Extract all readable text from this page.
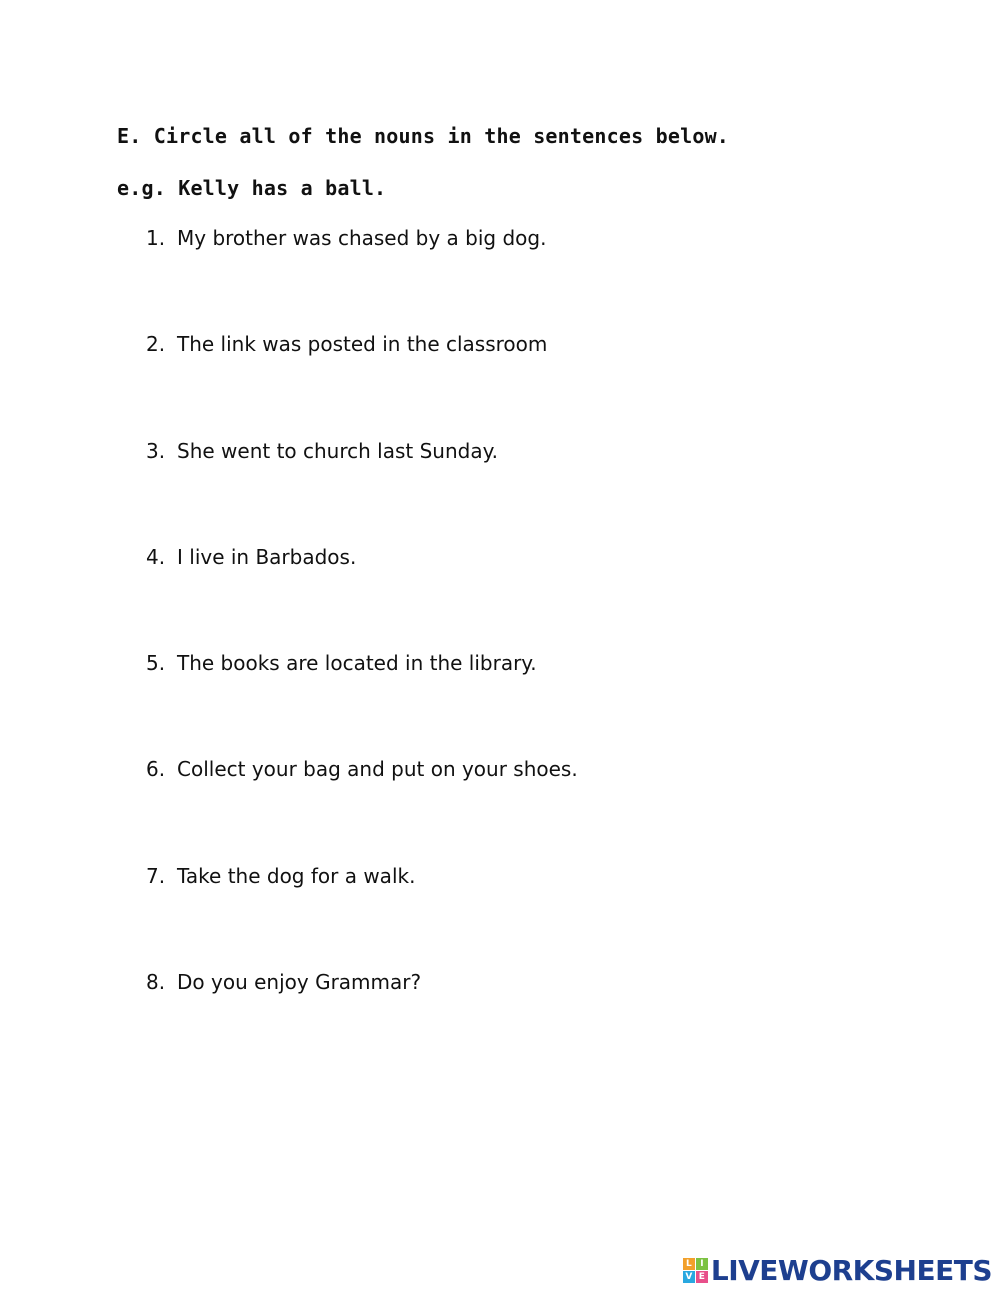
E. Circle all of the nouns in the sentences below.
e.g. Kelly has a ball.
1. My brother was chased by a big dog.
2. The link was posted in the classroom
3. She went to church last Sunday.
4. I live in Barbados.
5. The books are located in the library.
6. Collect your bag and put on your shoes.
7. Take the dog for a walk.
8. Do you enjoy Grammar?
L I
V E LIVEWORKSHEETS
